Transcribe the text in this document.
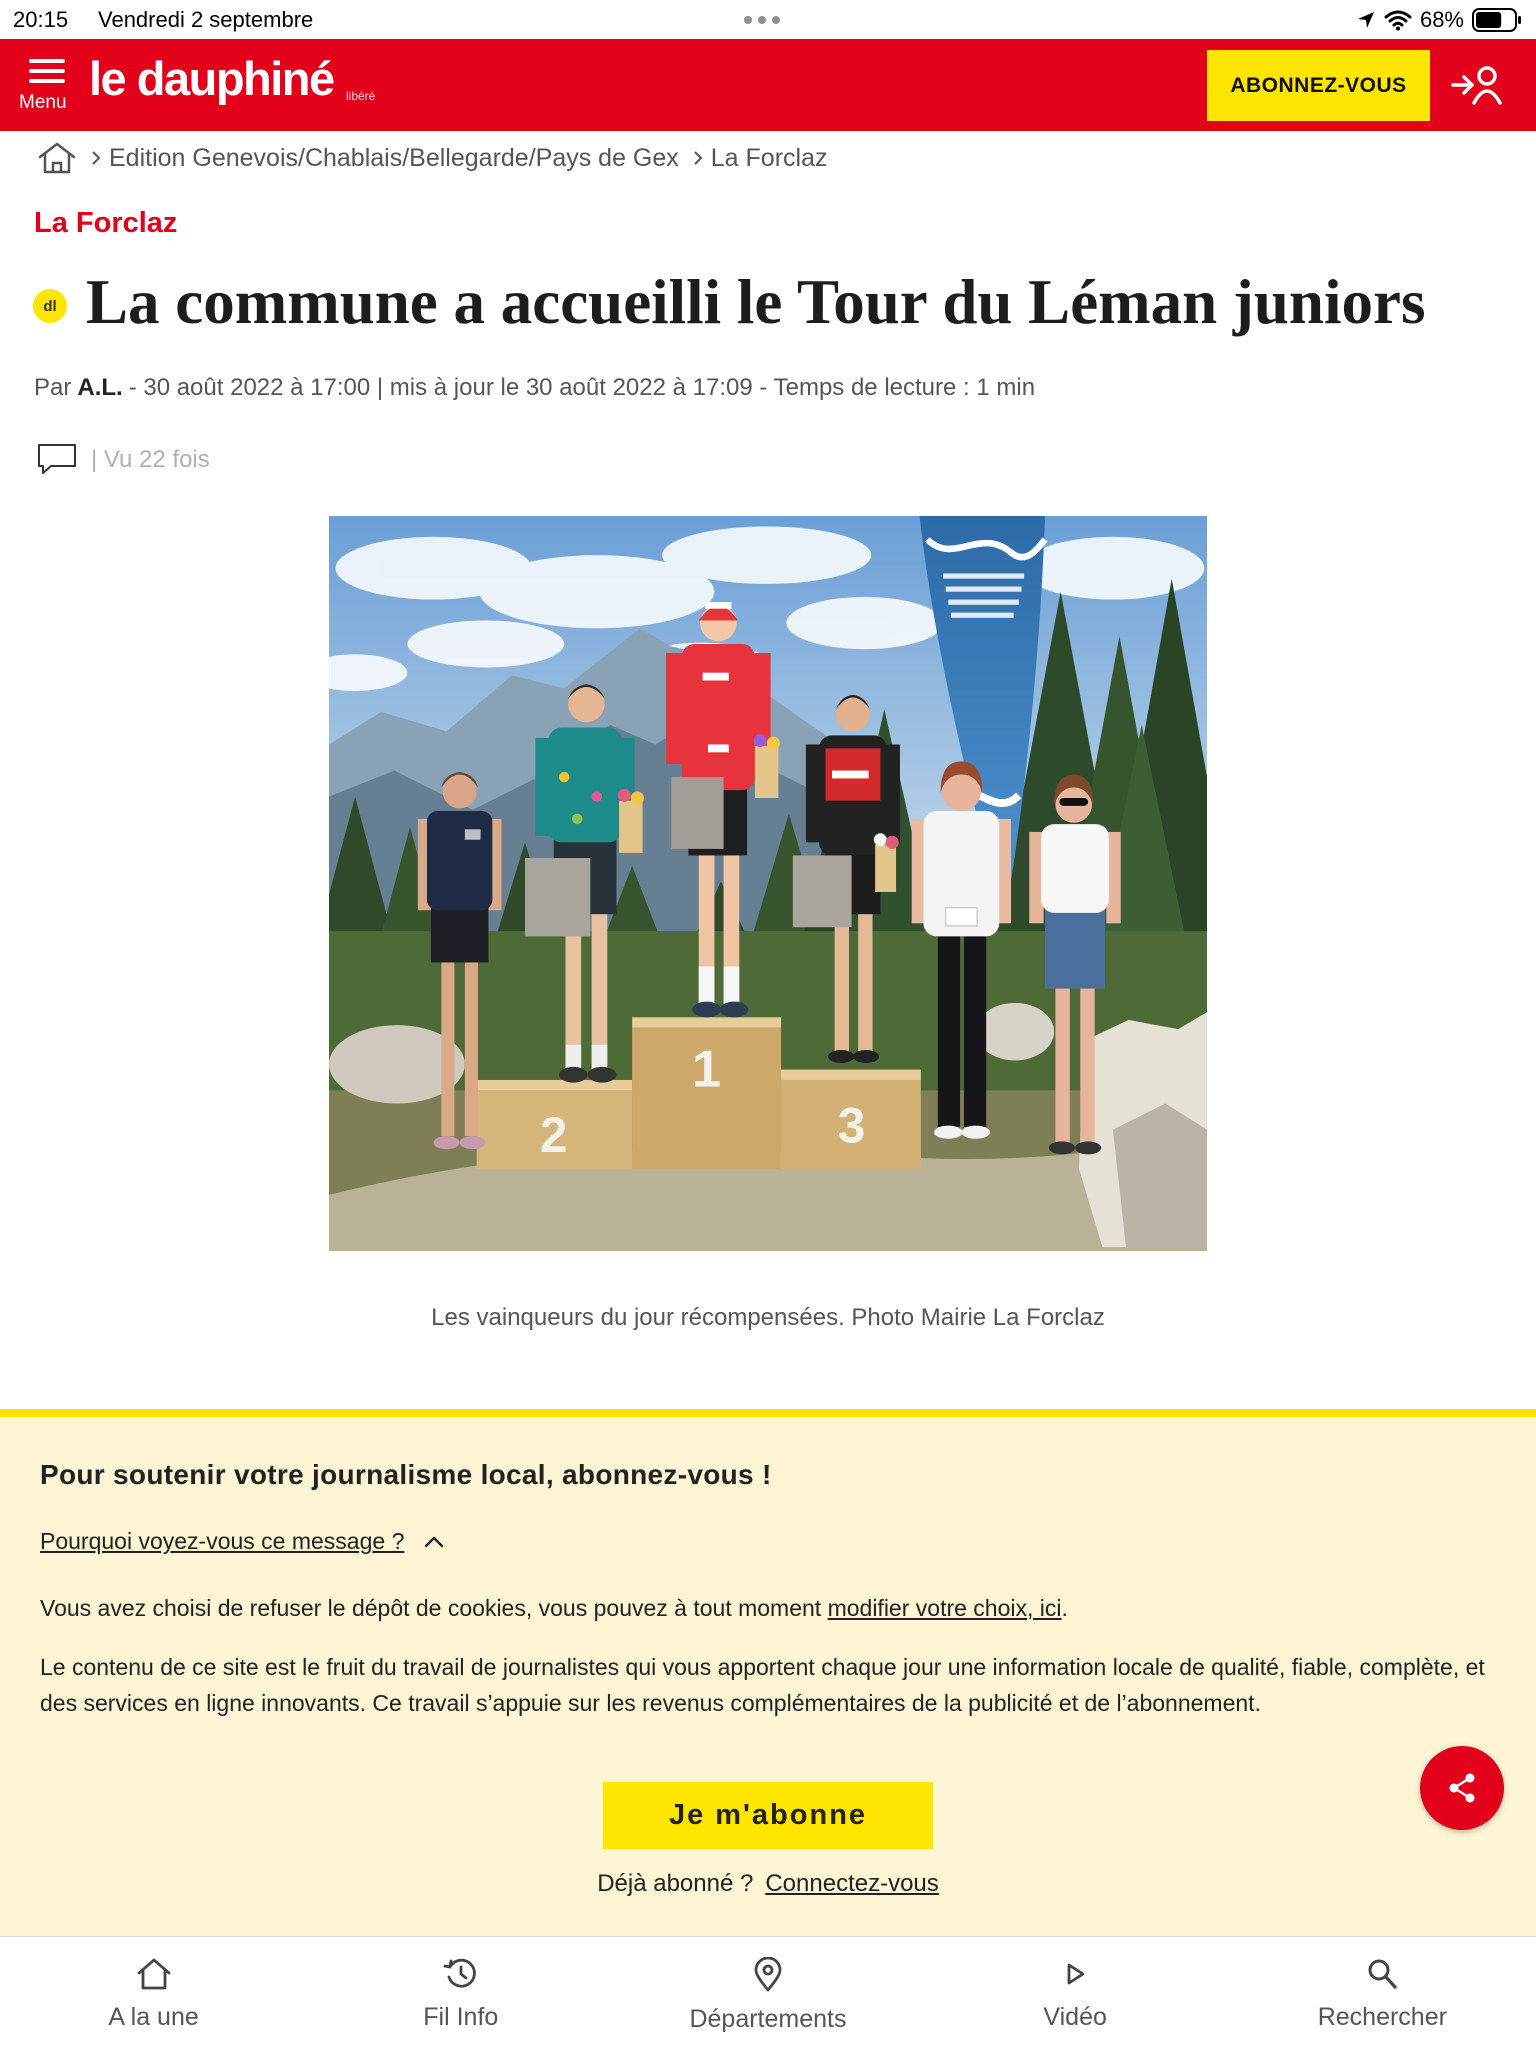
20:15 Vendredi 2 septembre	68%
Menu le dauphiné libéré	ABONNEZ-VOUS
Edition Genevois/Chablais/Bellegarde/Pays de Gex La Forclaz
La Forclaz
dl La commune a accueilli le Tour du Léman juniors
Par A.L. - 30 août 2022 à 17:00 | mis à jour le 30 août 2022 à 17:09 - Temps de lecture : 1 min
| Vu 22 fois
2
1
3

Les vainqueurs du jour récompensées. Photo Mairie La Forclaz

Pour soutenir votre journalisme local, abonnez-vous !
Pourquoi voyez-vous ce message ?

Vous avez choisi de refuser le dépôt de cookies, vous pouvez à tout moment modifier votre choix, ici.

Le contenu de ce site est le fruit du travail de journalistes qui vous apportent chaque jour une information locale de qualité, fiable, complète, et des services en ligne innovants. Ce travail s’appuie sur les revenus complémentaires de la publicité et de l’abonnement.

Je m'abonne

Déjà abonné ? Connectez-vous

A la une	Fil Info	Départements	Vidéo	Rechercher
